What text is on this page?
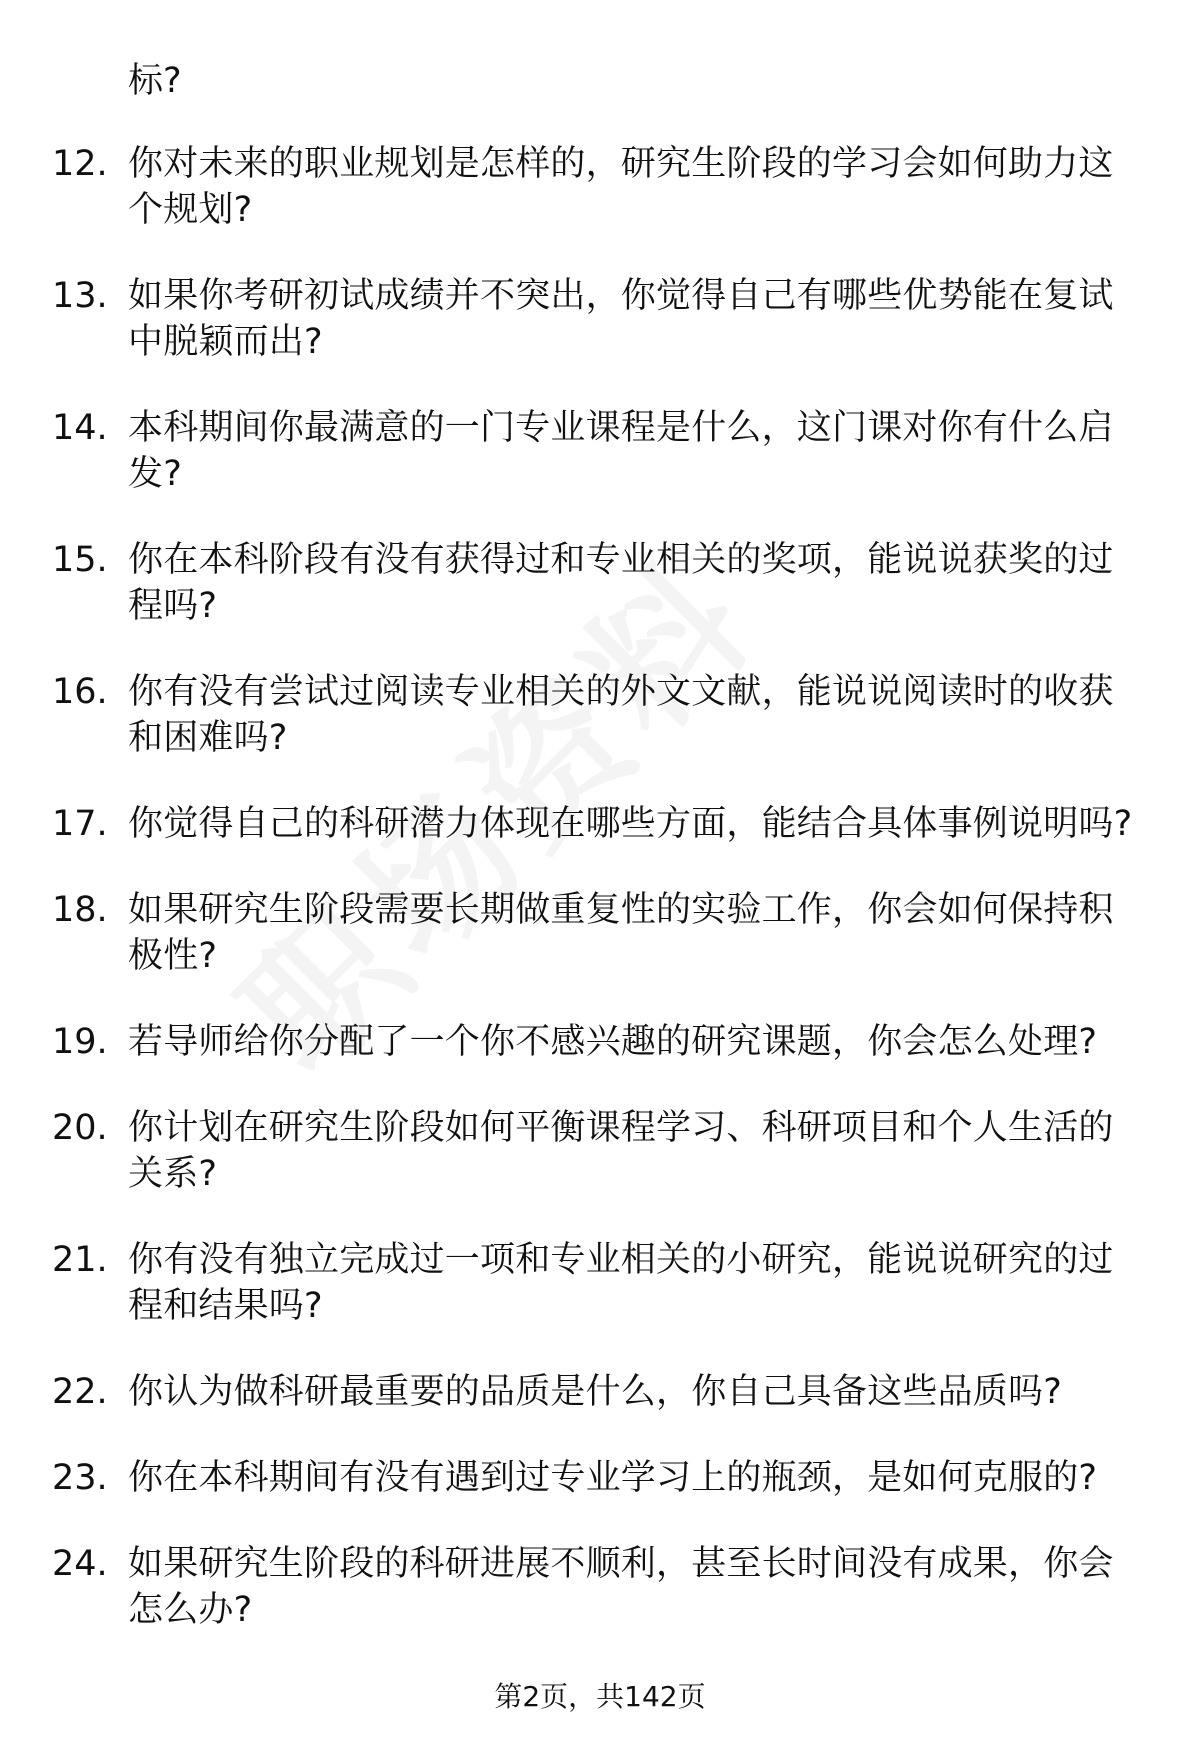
标?
12. 你对未来的职业规划是怎样的，研究生阶段的学习会如何助力这个规划?
13. 如果你考研初试成绩并不突出，你觉得自己有哪些优势能在复试中脱颖而出?
14. 本科期间你最满意的一门专业课程是什么，这门课对你有什么启发?
15. 你在本科阶段有没有获得过和专业相关的奖项，能说说获奖的过程吗?
16. 你有没有尝试过阅读专业相关的外文文献，能说说阅读时的收获和困难吗?
17. 你觉得自己的科研潜力体现在哪些方面，能结合具体事例说明吗?
18. 如果研究生阶段需要长期做重复性的实验工作，你会如何保持积极性?
19. 若导师给你分配了一个你不感兴趣的研究课题，你会怎么处理?
20. 你计划在研究生阶段如何平衡课程学习、科研项目和个人生活的关系?
21. 你有没有独立完成过一项和专业相关的小研究，能说说研究的过程和结果吗?
22. 你认为做科研最重要的品质是什么，你自己具备这些品质吗?
23. 你在本科期间有没有遇到过专业学习上的瓶颈，是如何克服的?
24. 如果研究生阶段的科研进展不顺利，甚至长时间没有成果，你会怎么办?
第2页，共142页
